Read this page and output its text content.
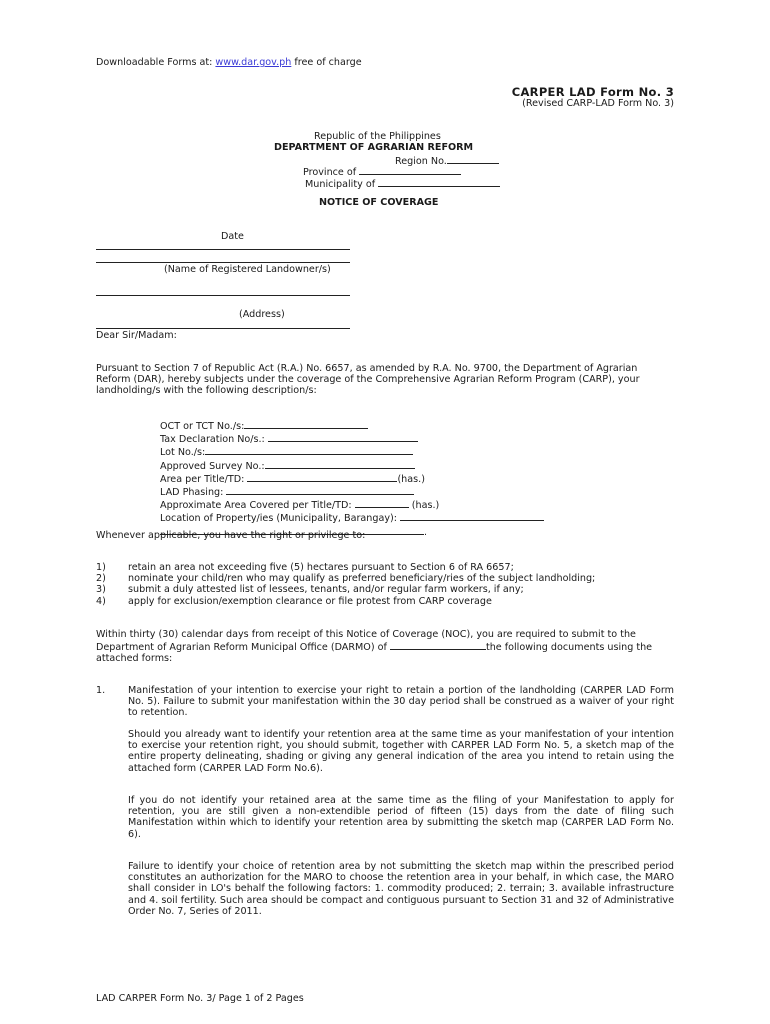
Downloadable Forms at: www.dar.gov.ph free of charge
CARPER LAD Form No. 3
(Revised CARP-LAD Form No. 3)
Republic of the Philippines
DEPARTMENT OF AGRARIAN REFORM
Region No.
Province of
Municipality of
NOTICE OF COVERAGE
Date
(Name of Registered Landowner/s)
(Address)
Dear Sir/Madam:
Pursuant to Section 7 of Republic Act (R.A.) No. 6657, as amended by R.A. No. 9700, the Department of Agrarian Reform (DAR), hereby subjects under the coverage of the Comprehensive Agrarian Reform Program (CARP), your landholding/s with the following description/s:
OCT or TCT No./s:
Tax Declaration No/s.:
Lot No./s:
Approved Survey No.:
Area per Title/TD:	(has.)
LAD Phasing:
Approximate Area Covered per Title/TD:	(has.)
Location of Property/ies (Municipality, Barangay):
.
Whenever applicable, you have the right or privilege to:
1) retain an area not exceeding five (5) hectares pursuant to Section 6 of RA 6657;
2) nominate your child/ren who may qualify as preferred beneficiary/ries of the subject landholding;
3) submit a duly attested list of lessees, tenants, and/or regular farm workers, if any;
4) apply for exclusion/exemption clearance or file protest from CARP coverage
Within thirty (30) calendar days from receipt of this Notice of Coverage (NOC), you are required to submit to the Department of Agrarian Reform Municipal Office (DARMO) of	the following documents using the attached forms:
1. Manifestation of your intention to exercise your right to retain a portion of the landholding (CARPER LAD Form No. 5). Failure to submit your manifestation within the 30 day period shall be construed as a waiver of your right to retention.
Should you already want to identify your retention area at the same time as your manifestation of your intention to exercise your retention right, you should submit, together with CARPER LAD Form No. 5, a sketch map of the entire property delineating, shading or giving any general indication of the area you intend to retain using the attached form (CARPER LAD Form No.6).
If you do not identify your retained area at the same time as the filing of your Manifestation to apply for retention, you are still given a non-extendible period of fifteen (15) days from the date of filing such Manifestation within which to identify your retention area by submitting the sketch map (CARPER LAD Form No. 6).
Failure to identify your choice of retention area by not submitting the sketch map within the prescribed period constitutes an authorization for the MARO to choose the retention area in your behalf, in which case, the MARO shall consider in LO's behalf the following factors: 1. commodity produced; 2. terrain; 3. available infrastructure and 4. soil fertility. Such area should be compact and contiguous pursuant to Section 31 and 32 of Administrative Order No. 7, Series of 2011.
LAD CARPER Form No. 3/ Page 1 of 2 Pages
